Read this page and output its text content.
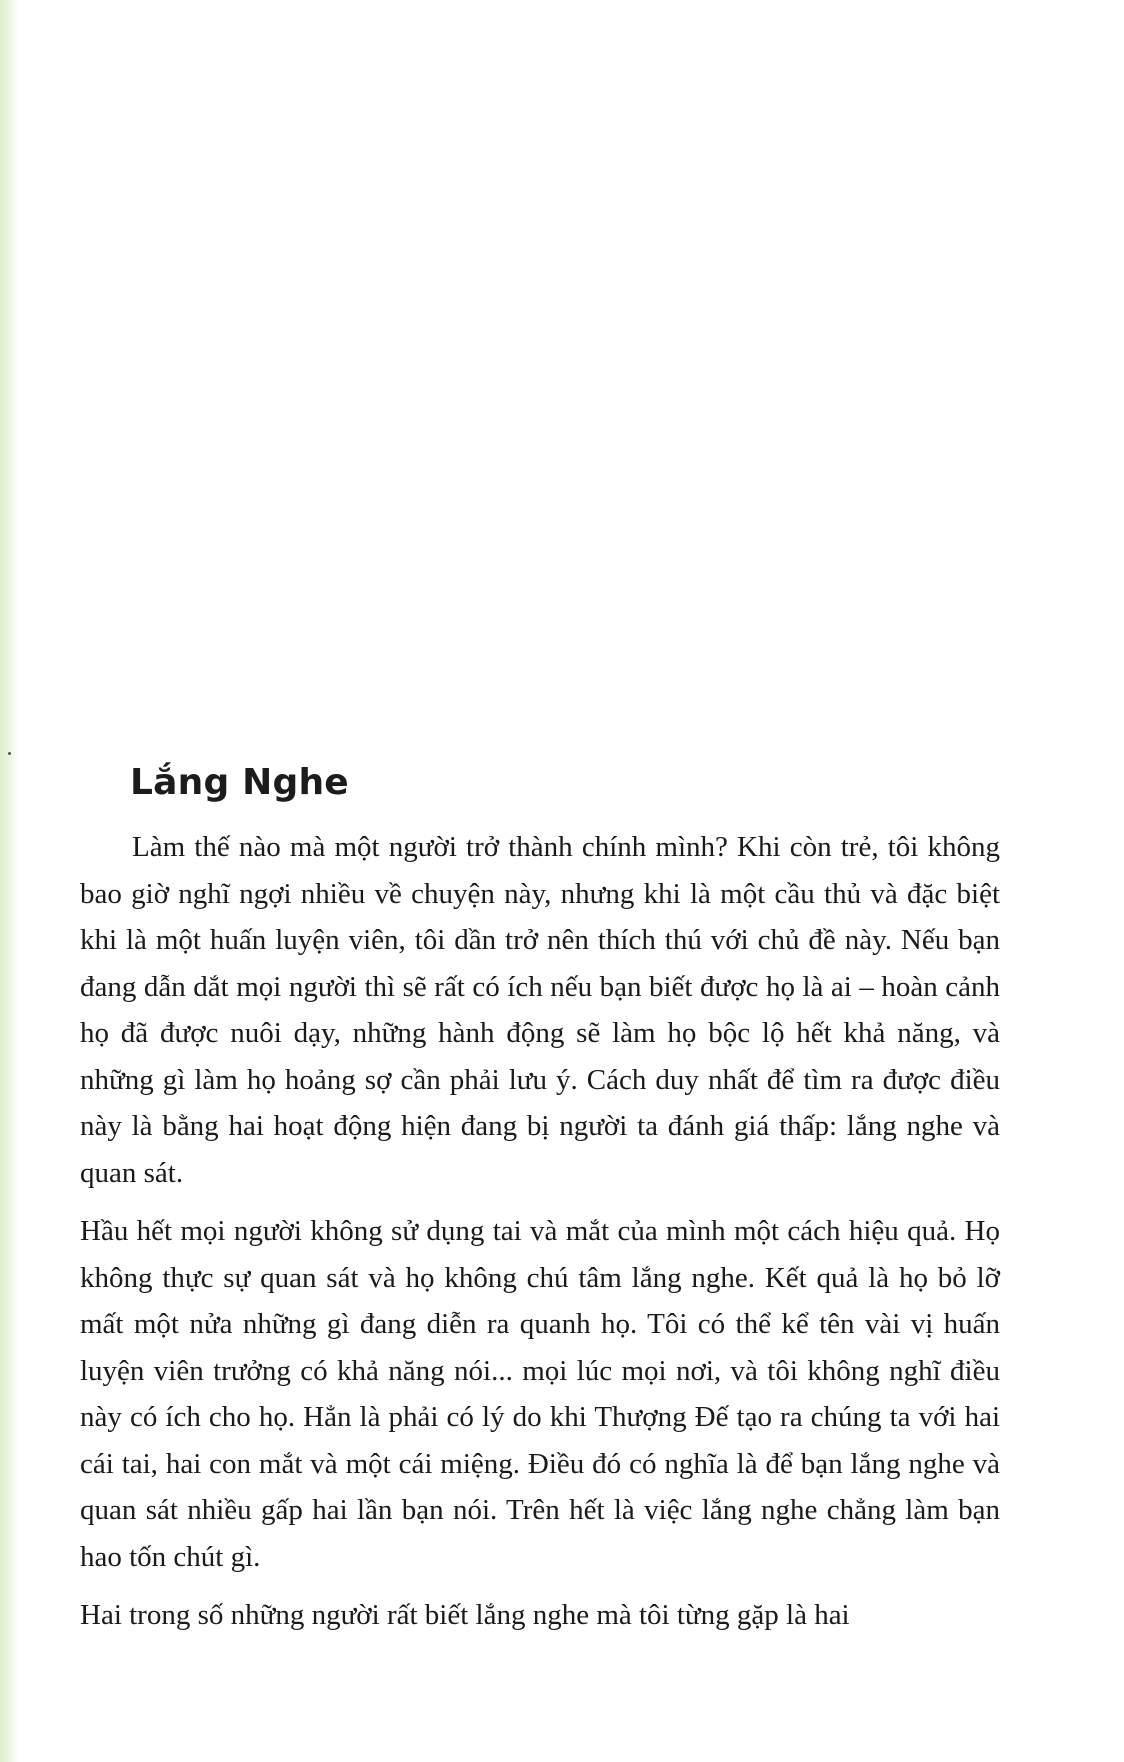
Lắng Nghe

Làm thế nào mà một người trở thành chính mình? Khi còn trẻ, tôi không bao giờ nghĩ ngợi nhiều về chuyện này, nhưng khi là một cầu thủ và đặc biệt khi là một huấn luyện viên, tôi dần trở nên thích thú với chủ đề này. Nếu bạn đang dẫn dắt mọi người thì sẽ rất có ích nếu bạn biết được họ là ai – hoàn cảnh họ đã được nuôi dạy, những hành động sẽ làm họ bộc lộ hết khả năng, và những gì làm họ hoảng sợ cần phải lưu ý. Cách duy nhất để tìm ra được điều này là bằng hai hoạt động hiện đang bị người ta đánh giá thấp: lắng nghe và quan sát.

Hầu hết mọi người không sử dụng tai và mắt của mình một cách hiệu quả. Họ không thực sự quan sát và họ không chú tâm lắng nghe. Kết quả là họ bỏ lỡ mất một nửa những gì đang diễn ra quanh họ. Tôi có thể kể tên vài vị huấn luyện viên trưởng có khả năng nói... mọi lúc mọi nơi, và tôi không nghĩ điều này có ích cho họ. Hẳn là phải có lý do khi Thượng Đế tạo ra chúng ta với hai cái tai, hai con mắt và một cái miệng. Điều đó có nghĩa là để bạn lắng nghe và quan sát nhiều gấp hai lần bạn nói. Trên hết là việc lắng nghe chẳng làm bạn hao tốn chút gì.

Hai trong số những người rất biết lắng nghe mà tôi từng gặp là hai
